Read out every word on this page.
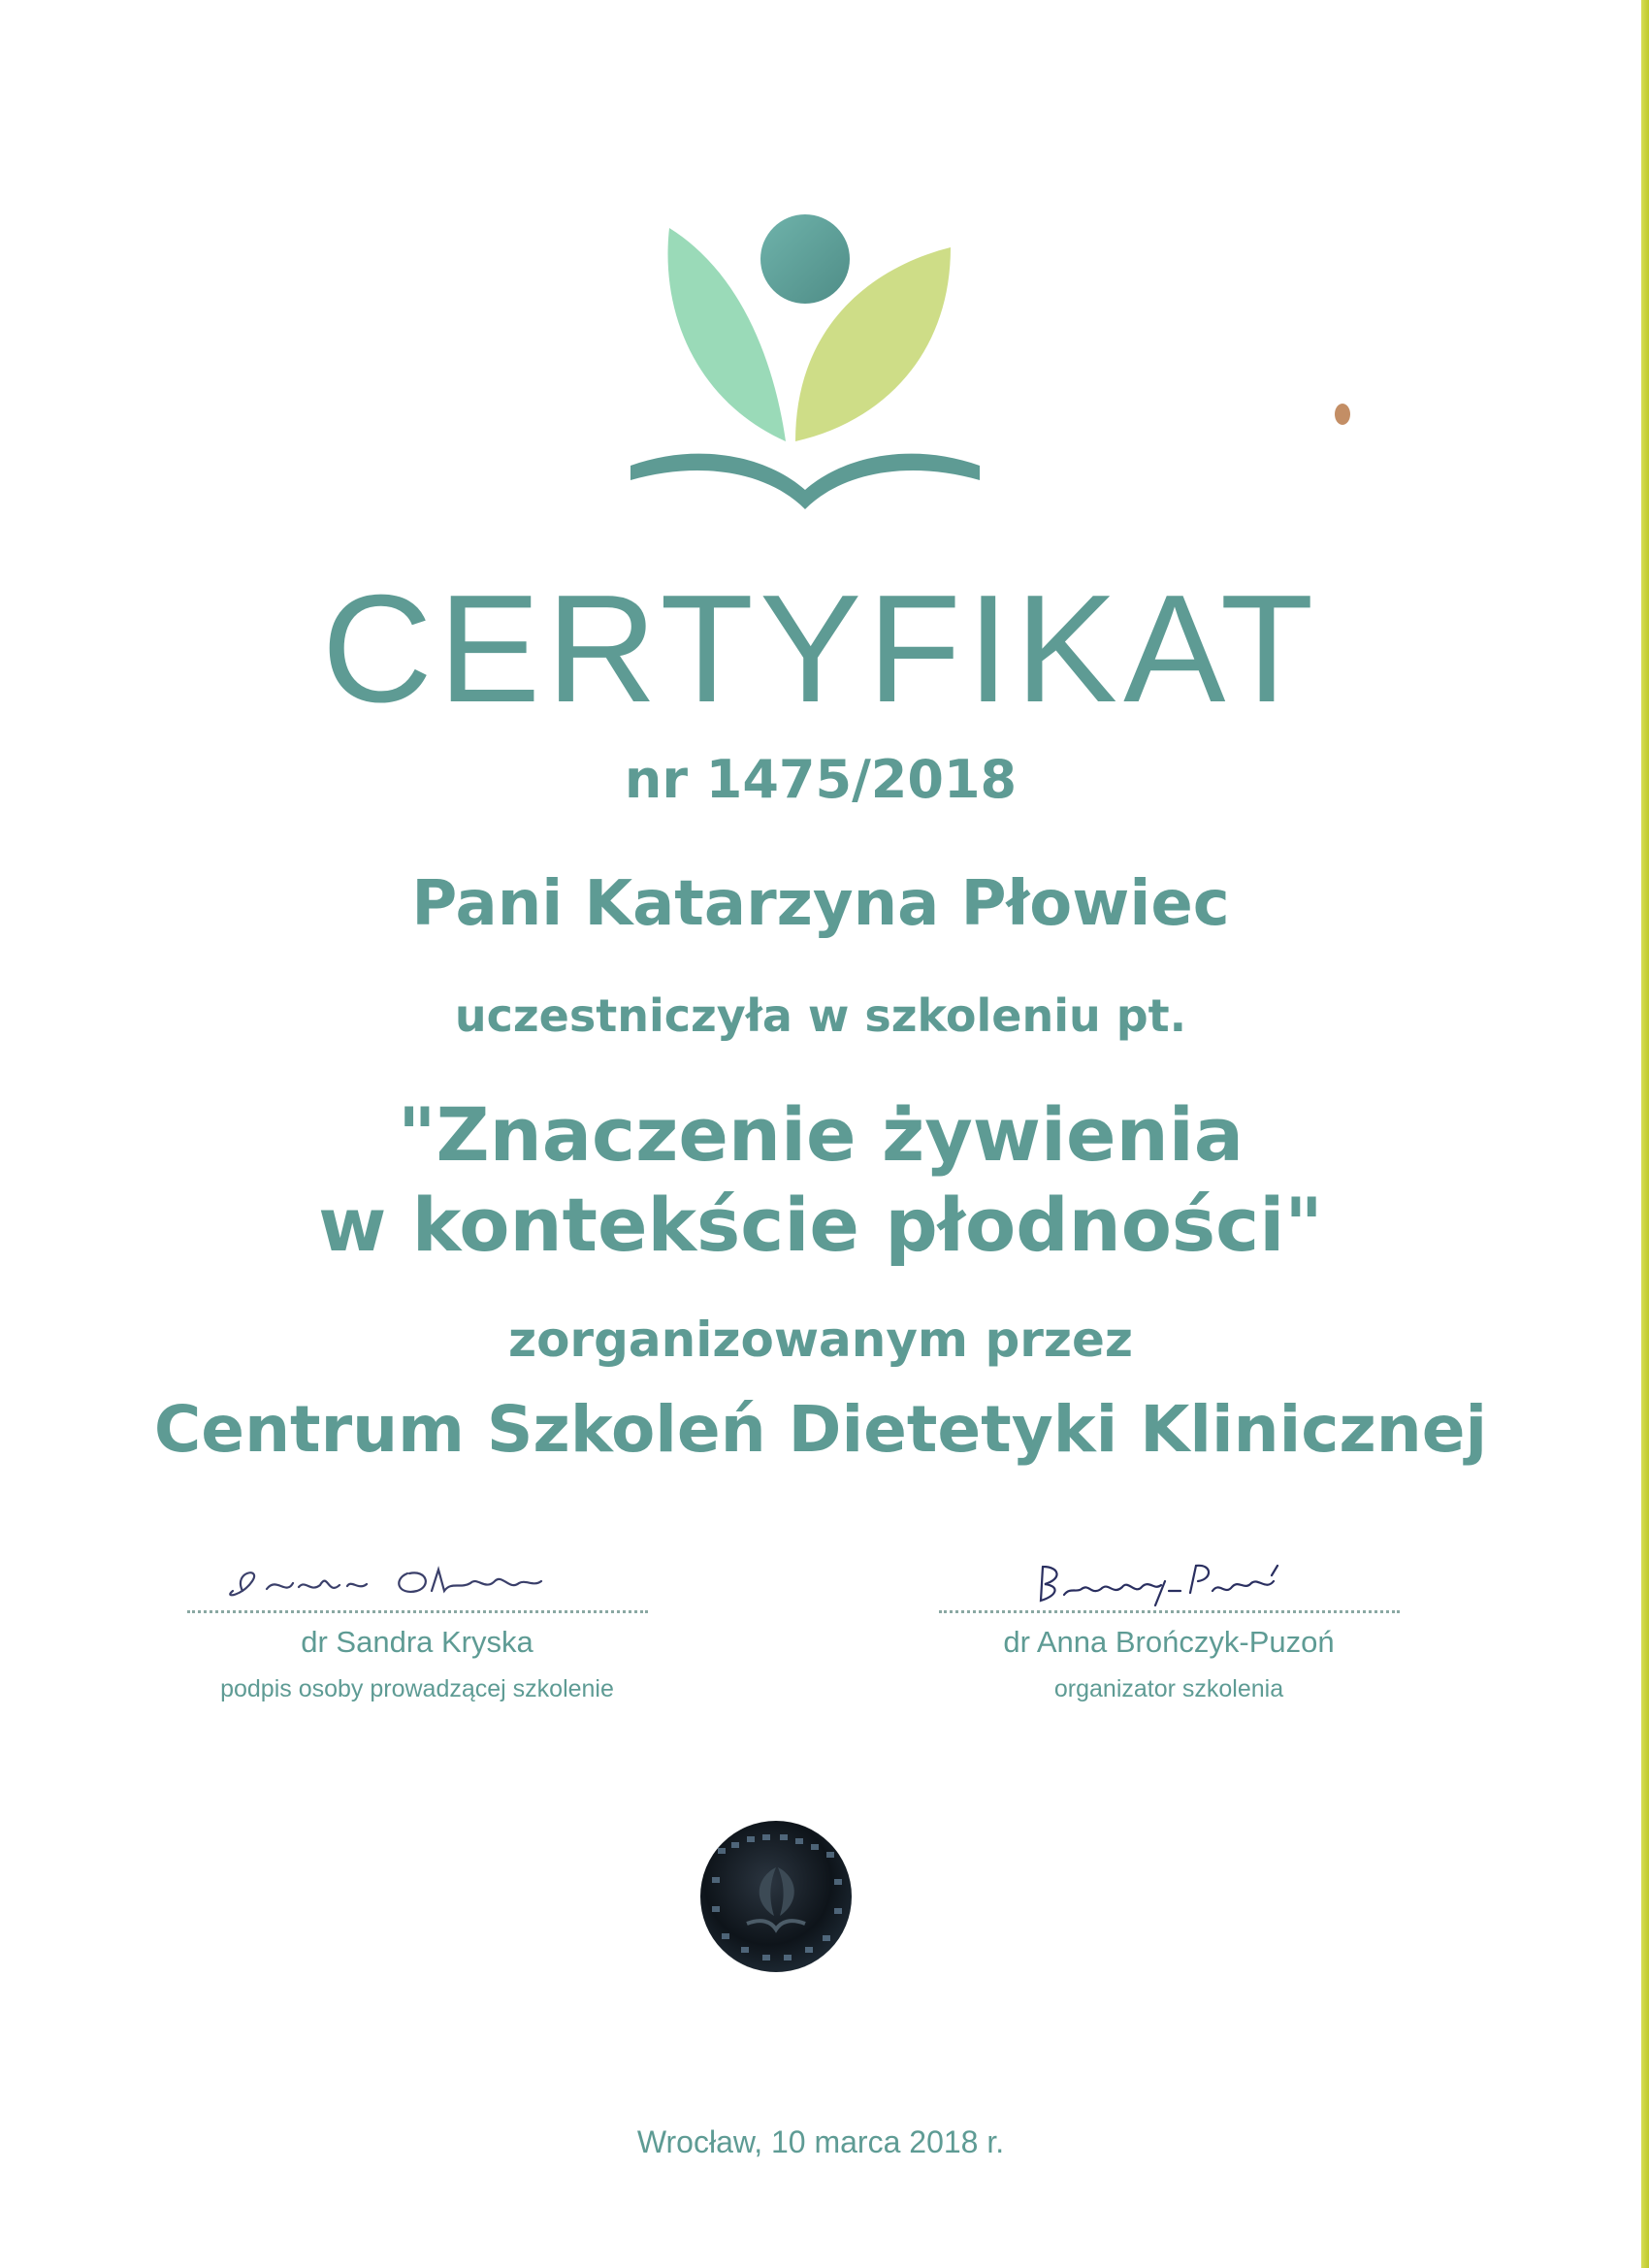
CERTYFIKAT
nr 1475/2018
Pani Katarzyna Płowiec
uczestniczyła w szkoleniu pt.
"Znaczenie żywienia
w kontekście płodności"
zorganizowanym przez
Centrum Szkoleń Dietetyki Klinicznej
dr Sandra Kryska
podpis osoby prowadzącej szkolenie
dr Anna Brończyk-Puzoń
organizator szkolenia
Wrocław, 10 marca 2018 r.
